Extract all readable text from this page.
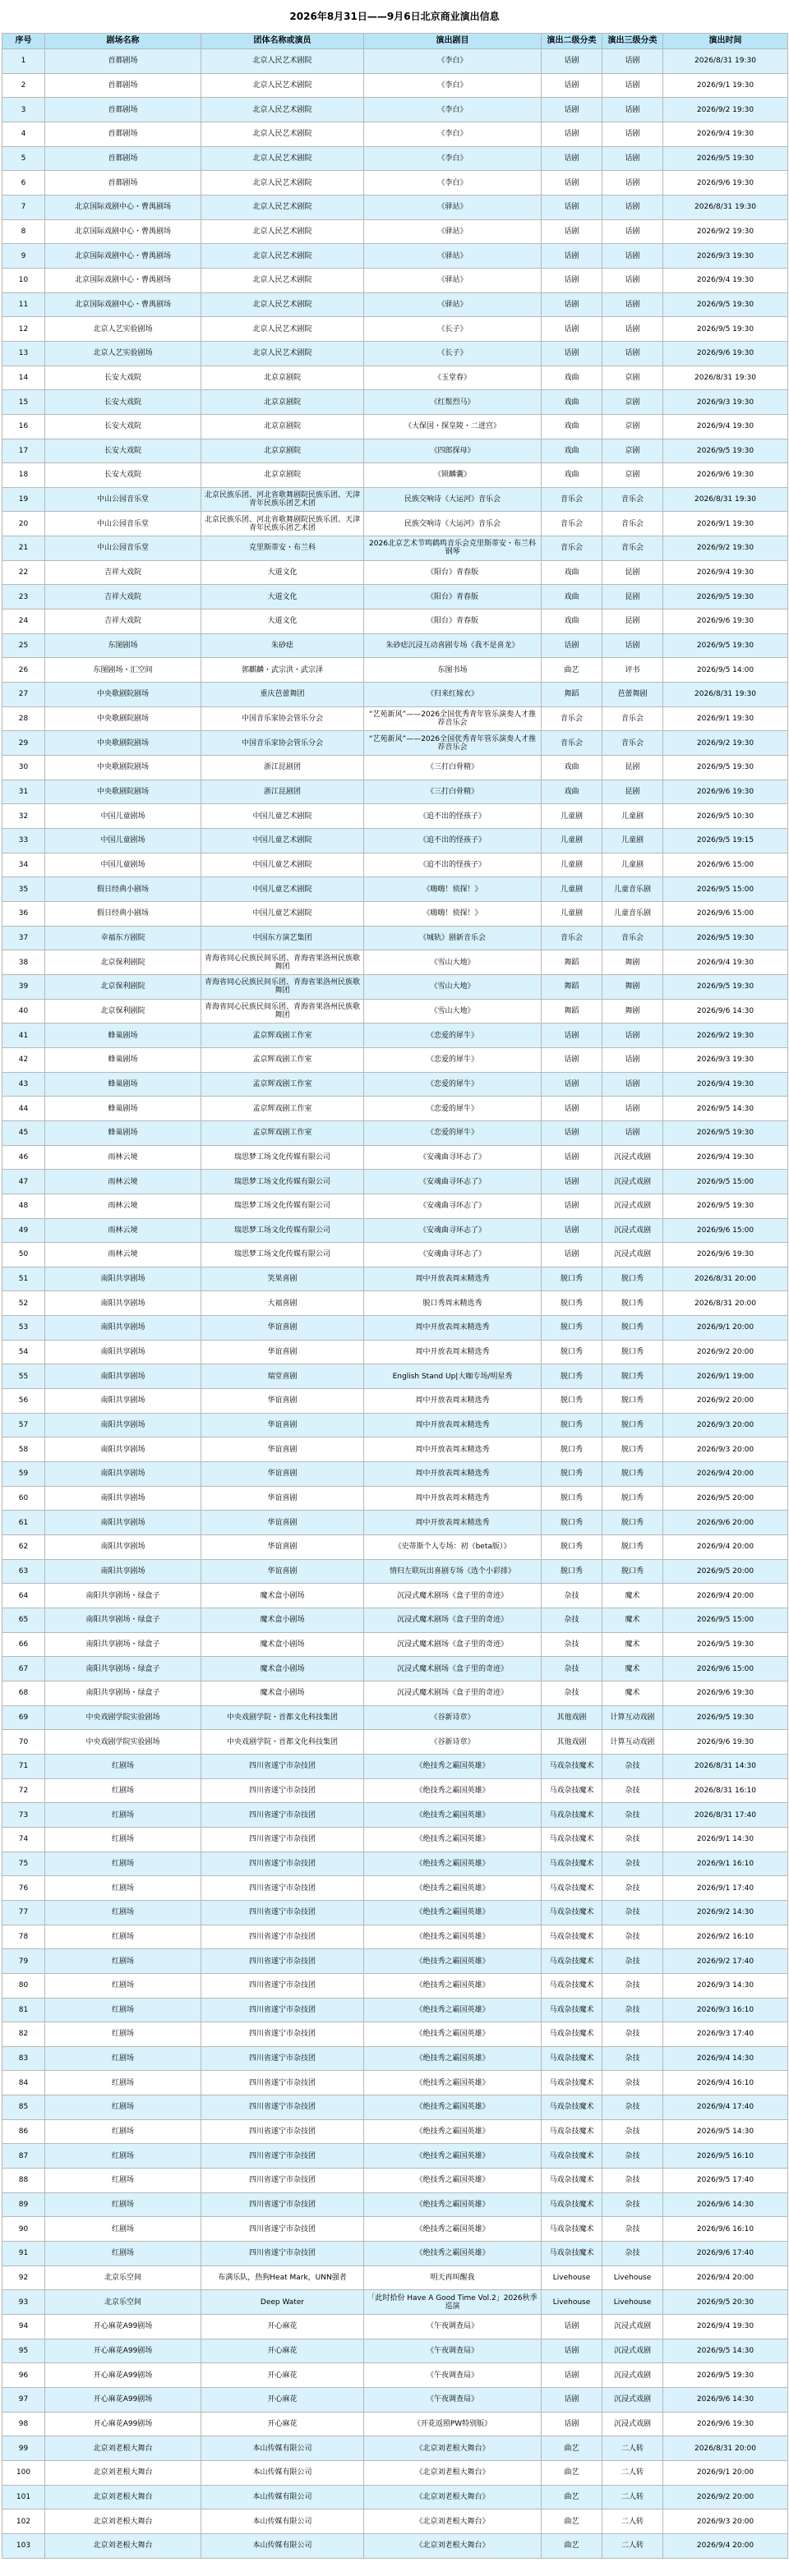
2026年8月31日——9月6日北京商业演出信息
序号	剧场名称	团体名称或演员	演出剧目	演出二级分类	演出三级分类	演出时间
1	首都剧场	北京人民艺术剧院	《李白》	话剧	话剧	2026/8/31 19:30
2	首都剧场	北京人民艺术剧院	《李白》	话剧	话剧	2026/9/1 19:30
3	首都剧场	北京人民艺术剧院	《李白》	话剧	话剧	2026/9/2 19:30
4	首都剧场	北京人民艺术剧院	《李白》	话剧	话剧	2026/9/4 19:30
5	首都剧场	北京人民艺术剧院	《李白》	话剧	话剧	2026/9/5 19:30
6	首都剧场	北京人民艺术剧院	《李白》	话剧	话剧	2026/9/6 19:30
7	北京国际戏剧中心・曹禺剧场	北京人民艺术剧院	《驿站》	话剧	话剧	2026/8/31 19:30
8	北京国际戏剧中心・曹禺剧场	北京人民艺术剧院	《驿站》	话剧	话剧	2026/9/2 19:30
9	北京国际戏剧中心・曹禺剧场	北京人民艺术剧院	《驿站》	话剧	话剧	2026/9/3 19:30
10	北京国际戏剧中心・曹禺剧场	北京人民艺术剧院	《驿站》	话剧	话剧	2026/9/4 19:30
11	北京国际戏剧中心・曹禺剧场	北京人民艺术剧院	《驿站》	话剧	话剧	2026/9/5 19:30
12	北京人艺实验剧场	北京人民艺术剧院	《长子》	话剧	话剧	2026/9/5 19:30
13	北京人艺实验剧场	北京人民艺术剧院	《长子》	话剧	话剧	2026/9/6 19:30
14	长安大戏院	北京京剧院	《玉堂春》	戏曲	京剧	2026/8/31 19:30
15	长安大戏院	北京京剧院	《红鬃烈马》	戏曲	京剧	2026/9/3 19:30
16	长安大戏院	北京京剧院	《大保国・探皇陵・二进宫》	戏曲	京剧	2026/9/4 19:30
17	长安大戏院	北京京剧院	《四郎探母》	戏曲	京剧	2026/9/5 19:30
18	长安大戏院	北京京剧院	《锁麟囊》	戏曲	京剧	2026/9/6 19:30
19	中山公园音乐堂	北京民族乐团、河北省歌舞剧院民族乐团、天津青年民族乐团艺术团	民族交响诗《大运河》音乐会	音乐会	音乐会	2026/8/31 19:30
20	中山公园音乐堂	北京民族乐团、河北省歌舞剧院民族乐团、天津青年民族乐团艺术团	民族交响诗《大运河》音乐会	音乐会	音乐会	2026/9/1 19:30
21	中山公园音乐堂	克里斯蒂安・布兰科	2026北京艺术节鸣鹤鸣音乐会克里斯蒂安・布兰科钢琴	音乐会	音乐会	2026/9/2 19:30
22	吉祥大戏院	大道文化	《阳台》青春版	戏曲	昆剧	2026/9/4 19:30
23	吉祥大戏院	大道文化	《阳台》青春版	戏曲	昆剧	2026/9/5 19:30
24	吉祥大戏院	大道文化	《阳台》青春版	戏曲	昆剧	2026/9/6 19:30
25	东图剧场	朱砂痣	朱砂痣沉浸互动喜剧专场《我不是喜龙》	话剧	话剧	2026/9/5 19:30
26	东图剧场・汇空间	郭麒麟・武宗洪・武宗泽	东图书场	曲艺	评书	2026/9/5 14:00
27	中央歌剧院剧场	重庆芭蕾舞团	《归来红嫁衣》	舞蹈	芭蕾舞剧	2026/8/31 19:30
28	中央歌剧院剧场	中国音乐家协会管乐分会	“艺苑新风”——2026全国优秀青年管乐演奏人才推荐音乐会	音乐会	音乐会	2026/9/1 19:30
29	中央歌剧院剧场	中国音乐家协会管乐分会	“艺苑新风”——2026全国优秀青年管乐演奏人才推荐音乐会	音乐会	音乐会	2026/9/2 19:30
30	中央歌剧院剧场	浙江昆剧团	《三打白骨精》	戏曲	昆剧	2026/9/5 19:30
31	中央歌剧院剧场	浙江昆剧团	《三打白骨精》	戏曲	昆剧	2026/9/6 19:30
32	中国儿童剧场	中国儿童艺术剧院	《追不出的怪孩子》	儿童剧	儿童剧	2026/9/5 10:30
33	中国儿童剧场	中国儿童艺术剧院	《追不出的怪孩子》	儿童剧	儿童剧	2026/9/5 19:15
34	中国儿童剧场	中国儿童艺术剧院	《追不出的怪孩子》	儿童剧	儿童剧	2026/9/6 15:00
35	假日经典小剧场	中国儿童艺术剧院	《嗨嗨！侦探！》	儿童剧	儿童音乐剧	2026/9/5 15:00
36	假日经典小剧场	中国儿童艺术剧院	《嗨嗨！侦探！》	儿童剧	儿童音乐剧	2026/9/6 15:00
37	幸福东方剧院	中国东方演艺集团	《城轨》剧新音乐会	音乐会	音乐会	2026/9/5 19:30
38	北京保利剧院	青海省同心民族民间乐团、青海省果洛州民族歌舞团	《雪山大地》	舞蹈	舞剧	2026/9/4 19:30
39	北京保利剧院	青海省同心民族民间乐团、青海省果洛州民族歌舞团	《雪山大地》	舞蹈	舞剧	2026/9/5 19:30
40	北京保利剧院	青海省同心民族民间乐团、青海省果洛州民族歌舞团	《雪山大地》	舞蹈	舞剧	2026/9/6 14:30
41	蜂巢剧场	孟京辉戏剧工作室	《恋爱的犀牛》	话剧	话剧	2026/9/2 19:30
42	蜂巢剧场	孟京辉戏剧工作室	《恋爱的犀牛》	话剧	话剧	2026/9/3 19:30
43	蜂巢剧场	孟京辉戏剧工作室	《恋爱的犀牛》	话剧	话剧	2026/9/4 19:30
44	蜂巢剧场	孟京辉戏剧工作室	《恋爱的犀牛》	话剧	话剧	2026/9/5 14:30
45	蜂巢剧场	孟京辉戏剧工作室	《恋爱的犀牛》	话剧	话剧	2026/9/5 19:30
46	雨林云境	瑞思梦工场文化传媒有限公司	《安魂曲寻环志了》	话剧	沉浸式戏剧	2026/9/4 19:30
47	雨林云境	瑞思梦工场文化传媒有限公司	《安魂曲寻环志了》	话剧	沉浸式戏剧	2026/9/5 15:00
48	雨林云境	瑞思梦工场文化传媒有限公司	《安魂曲寻环志了》	话剧	沉浸式戏剧	2026/9/5 19:30
49	雨林云境	瑞思梦工场文化传媒有限公司	《安魂曲寻环志了》	话剧	沉浸式戏剧	2026/9/6 15:00
50	雨林云境	瑞思梦工场文化传媒有限公司	《安魂曲寻环志了》	话剧	沉浸式戏剧	2026/9/6 19:30
51	南阳共享剧场	笑果喜剧	周中开放表周末精选秀	脱口秀	脱口秀	2026/8/31 20:00
52	南阳共享剧场	大福喜剧	脱口秀周末精选秀	脱口秀	脱口秀	2026/8/31 20:00
53	南阳共享剧场	华谊喜剧	周中开放表周末精选秀	脱口秀	脱口秀	2026/9/1 20:00
54	南阳共享剧场	华谊喜剧	周中开放表周末精选秀	脱口秀	脱口秀	2026/9/2 20:00
55	南阳共享剧场	瑞堂喜剧	English Stand Up|大咖专场/明星秀	脱口秀	脱口秀	2026/9/1 19:00
56	南阳共享剧场	华谊喜剧	周中开放表周末精选秀	脱口秀	脱口秀	2026/9/2 20:00
57	南阳共享剧场	华谊喜剧	周中开放表周末精选秀	脱口秀	脱口秀	2026/9/3 20:00
58	南阳共享剧场	华谊喜剧	周中开放表周末精选秀	脱口秀	脱口秀	2026/9/3 20:00
59	南阳共享剧场	华谊喜剧	周中开放表周末精选秀	脱口秀	脱口秀	2026/9/4 20:00
60	南阳共享剧场	华谊喜剧	周中开放表周末精选秀	脱口秀	脱口秀	2026/9/5 20:00
61	南阳共享剧场	华谊喜剧	周中开放表周末精选秀	脱口秀	脱口秀	2026/9/6 20:00
62	南阳共享剧场	华谊喜剧	《史蒂斯个人专场：初（beta版）》	脱口秀	脱口秀	2026/9/4 20:00
63	南阳共享剧场	华谊喜剧	情归左联玩出喜剧专场《选个小彩排》	脱口秀	脱口秀	2026/9/5 20:00
64	南阳共享剧场・绿盒子	魔术盒小剧场	沉浸式魔术剧场《盒子里的奇迹》	杂技	魔术	2026/9/4 20:00
65	南阳共享剧场・绿盒子	魔术盒小剧场	沉浸式魔术剧场《盒子里的奇迹》	杂技	魔术	2026/9/5 15:00
66	南阳共享剧场・绿盒子	魔术盒小剧场	沉浸式魔术剧场《盒子里的奇迹》	杂技	魔术	2026/9/5 19:30
67	南阳共享剧场・绿盒子	魔术盒小剧场	沉浸式魔术剧场《盒子里的奇迹》	杂技	魔术	2026/9/6 15:00
68	南阳共享剧场・绿盒子	魔术盒小剧场	沉浸式魔术剧场《盒子里的奇迹》	杂技	魔术	2026/9/6 19:30
69	中央戏剧学院实验剧场	中央戏剧学院・首都文化科技集团	《谷新诗章》	其他戏剧	计算互动戏剧	2026/9/5 19:30
70	中央戏剧学院实验剧场	中央戏剧学院・首都文化科技集团	《谷新诗章》	其他戏剧	计算互动戏剧	2026/9/6 19:30
71	红剧场	四川省遂宁市杂技团	《绝技秀之霸国英雄》	马戏杂技魔术	杂技	2026/8/31 14:30
72	红剧场	四川省遂宁市杂技团	《绝技秀之霸国英雄》	马戏杂技魔术	杂技	2026/8/31 16:10
73	红剧场	四川省遂宁市杂技团	《绝技秀之霸国英雄》	马戏杂技魔术	杂技	2026/8/31 17:40
74	红剧场	四川省遂宁市杂技团	《绝技秀之霸国英雄》	马戏杂技魔术	杂技	2026/9/1 14:30
75	红剧场	四川省遂宁市杂技团	《绝技秀之霸国英雄》	马戏杂技魔术	杂技	2026/9/1 16:10
76	红剧场	四川省遂宁市杂技团	《绝技秀之霸国英雄》	马戏杂技魔术	杂技	2026/9/1 17:40
77	红剧场	四川省遂宁市杂技团	《绝技秀之霸国英雄》	马戏杂技魔术	杂技	2026/9/2 14:30
78	红剧场	四川省遂宁市杂技团	《绝技秀之霸国英雄》	马戏杂技魔术	杂技	2026/9/2 16:10
79	红剧场	四川省遂宁市杂技团	《绝技秀之霸国英雄》	马戏杂技魔术	杂技	2026/9/2 17:40
80	红剧场	四川省遂宁市杂技团	《绝技秀之霸国英雄》	马戏杂技魔术	杂技	2026/9/3 14:30
81	红剧场	四川省遂宁市杂技团	《绝技秀之霸国英雄》	马戏杂技魔术	杂技	2026/9/3 16:10
82	红剧场	四川省遂宁市杂技团	《绝技秀之霸国英雄》	马戏杂技魔术	杂技	2026/9/3 17:40
83	红剧场	四川省遂宁市杂技团	《绝技秀之霸国英雄》	马戏杂技魔术	杂技	2026/9/4 14:30
84	红剧场	四川省遂宁市杂技团	《绝技秀之霸国英雄》	马戏杂技魔术	杂技	2026/9/4 16:10
85	红剧场	四川省遂宁市杂技团	《绝技秀之霸国英雄》	马戏杂技魔术	杂技	2026/9/4 17:40
86	红剧场	四川省遂宁市杂技团	《绝技秀之霸国英雄》	马戏杂技魔术	杂技	2026/9/5 14:30
87	红剧场	四川省遂宁市杂技团	《绝技秀之霸国英雄》	马戏杂技魔术	杂技	2026/9/5 16:10
88	红剧场	四川省遂宁市杂技团	《绝技秀之霸国英雄》	马戏杂技魔术	杂技	2026/9/5 17:40
89	红剧场	四川省遂宁市杂技团	《绝技秀之霸国英雄》	马戏杂技魔术	杂技	2026/9/6 14:30
90	红剧场	四川省遂宁市杂技团	《绝技秀之霸国英雄》	马戏杂技魔术	杂技	2026/9/6 16:10
91	红剧场	四川省遂宁市杂技团	《绝技秀之霸国英雄》	马戏杂技魔术	杂技	2026/9/6 17:40
92	北京乐空间	布满乐队，热狗Heat Mark，UNN强者	明天再叫醒我	Livehouse	Livehouse	2026/9/4 20:00
93	北京乐空间	Deep Water	「此时拾份 Have A Good Time Vol.2」2026秋季巡演	Livehouse	Livehouse	2026/9/5 20:30
94	开心麻花A99剧场	开心麻花	《午夜调查局》	话剧	沉浸式戏剧	2026/9/4 19:30
95	开心麻花A99剧场	开心麻花	《午夜调查局》	话剧	沉浸式戏剧	2026/9/5 14:30
96	开心麻花A99剧场	开心麻花	《午夜调查局》	话剧	沉浸式戏剧	2026/9/5 19:30
97	开心麻花A99剧场	开心麻花	《午夜调查局》	话剧	沉浸式戏剧	2026/9/6 14:30
98	开心麻花A99剧场	开心麻花	《开花返照PW特别版》	话剧	沉浸式戏剧	2026/9/6 19:30
99	北京刘老根大舞台	本山传媒有限公司	《北京刘老根大舞台》	曲艺	二人转	2026/8/31 20:00
100	北京刘老根大舞台	本山传媒有限公司	《北京刘老根大舞台》	曲艺	二人转	2026/9/1 20:00
101	北京刘老根大舞台	本山传媒有限公司	《北京刘老根大舞台》	曲艺	二人转	2026/9/2 20:00
102	北京刘老根大舞台	本山传媒有限公司	《北京刘老根大舞台》	曲艺	二人转	2026/9/3 20:00
103	北京刘老根大舞台	本山传媒有限公司	《北京刘老根大舞台》	曲艺	二人转	2026/9/4 20:00
